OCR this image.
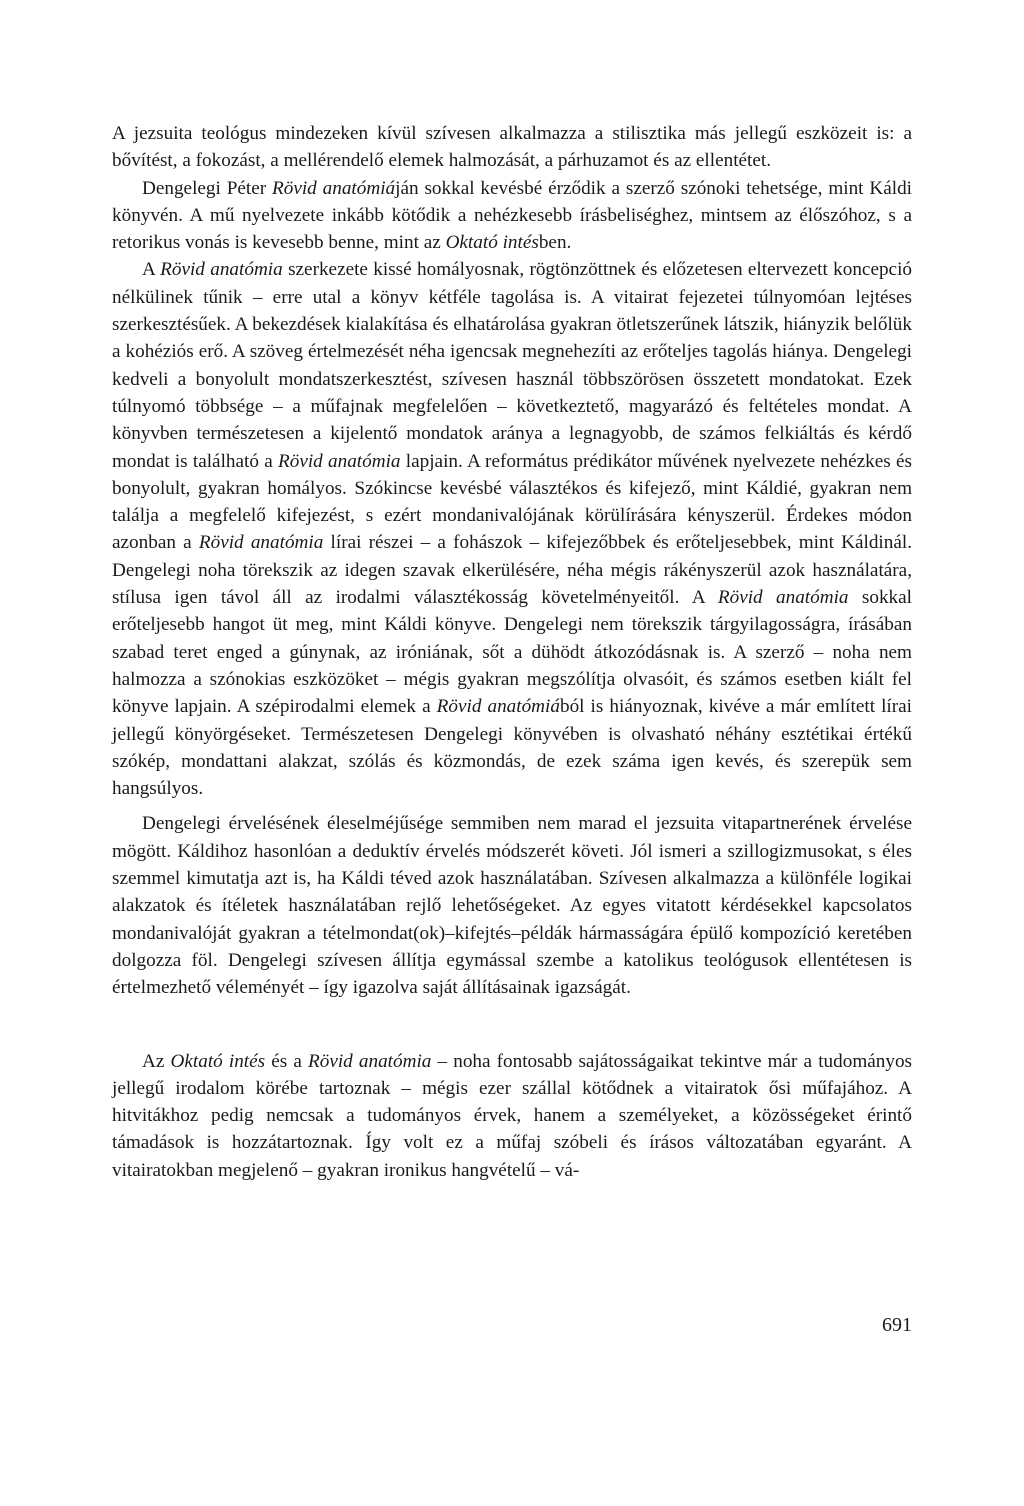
A jezsuita teológus mindezeken kívül szívesen alkalmazza a stilisztika más jellegű eszközeit is: a bővítést, a fokozást, a mellérendelő elemek halmozását, a párhuzamot és az ellentétet.

Dengelegi Péter Rövid anatómiáján sokkal kevésbé érződik a szerző szónoki tehetsége, mint Káldi könyvén. A mű nyelvezete inkább kötődik a nehézkesebb írásbeliséghez, mintsem az élőszóhoz, s a retorikus vonás is kevesebb benne, mint az Oktató intésben.

A Rövid anatómia szerkezete kissé homályosnak, rögtönzöttnek és előzetesen eltervezett koncepció nélkülinek tűnik – erre utal a könyv kétféle tagolása is. A vitairat fejezetei túlnyomóan lejtéses szerkesztésűek. A bekezdések kialakítása és elhatárolása gyakran ötletszerűnek látszik, hiányzik belőlük a kohéziós erő. A szöveg értelmezését néha igencsak megnehezíti az erőteljes tagolás hiánya. Dengelegi kedveli a bonyolult mondatszerkesztést, szívesen használ többszörösen összetett mondatokat. Ezek túlnyomó többsége – a műfajnak megfelelően – következtető, magyarázó és feltételes mondat. A könyvben természetesen a kijelentő mondatok aránya a legnagyobb, de számos felkiáltás és kérdő mondat is található a Rövid anatómia lapjain. A református prédikátor művének nyelvezete nehézkes és bonyolult, gyakran homályos. Szókincse kevésbé választékos és kifejező, mint Káldié, gyakran nem találja a megfelelő kifejezést, s ezért mondanivalójának körülírására kényszerül. Érdekes módon azonban a Rövid anatómia lírai részei – a fohászok – kifejezőbbek és erőteljesebbek, mint Káldinál. Dengelegi noha törekszik az idegen szavak elkerülésére, néha mégis rákényszerül azok használatára, stílusa igen távol áll az irodalmi választékosság követelményeitől. A Rövid anatómia sokkal erőteljesebb hangot üt meg, mint Káldi könyve. Dengelegi nem törekszik tárgyilagosságra, írásában szabad teret enged a gúnynak, az iróniának, sőt a dühödt átkozódásnak is. A szerző – noha nem halmozza a szónokias eszközöket – mégis gyakran megszólítja olvasóit, és számos esetben kiált fel könyve lapjain. A szépirodalmi elemek a Rövid anatómiából is hiányoznak, kivéve a már említett lírai jellegű könyörgéseket. Természetesen Dengelegi könyvében is olvasható néhány esztétikai értékű szókép, mondattani alakzat, szólás és közmondás, de ezek száma igen kevés, és szerepük sem hangsúlyos.

Dengelegi érvelésének éleselméjűsége semmiben nem marad el jezsuita vitapartnerének érvelése mögött. Káldihoz hasonlóan a deduktív érvelés módszerét követi. Jól ismeri a szillogizmusokat, s éles szemmel kimutatja azt is, ha Káldi téved azok használatában. Szívesen alkalmazza a különféle logikai alakzatok és ítéletek használatában rejlő lehetőségeket. Az egyes vitatott kérdésekkel kapcsolatos mondanivalóját gyakran a tételmondat(ok)–kifejtés–példák hármasságára épülő kompozíció keretében dolgozza föl. Dengelegi szívesen állítja egymással szembe a katolikus teológusok ellentétesen is értelmezhető véleményét – így igazolva saját állításainak igazságát.

Az Oktató intés és a Rövid anatómia – noha fontosabb sajátosságaikat tekintve már a tudományos jellegű irodalom körébe tartoznak – mégis ezer szállal kötődnek a vitairatok ősi műfajához. A hitvitákhoz pedig nemcsak a tudományos érvek, hanem a személyeket, a közösségeket érintő támadások is hozzátartoznak. Így volt ez a műfaj szóbeli és írásos változatában egyaránt. A vitairatokban megjelenő – gyakran ironikus hangvételű – vá-

691
